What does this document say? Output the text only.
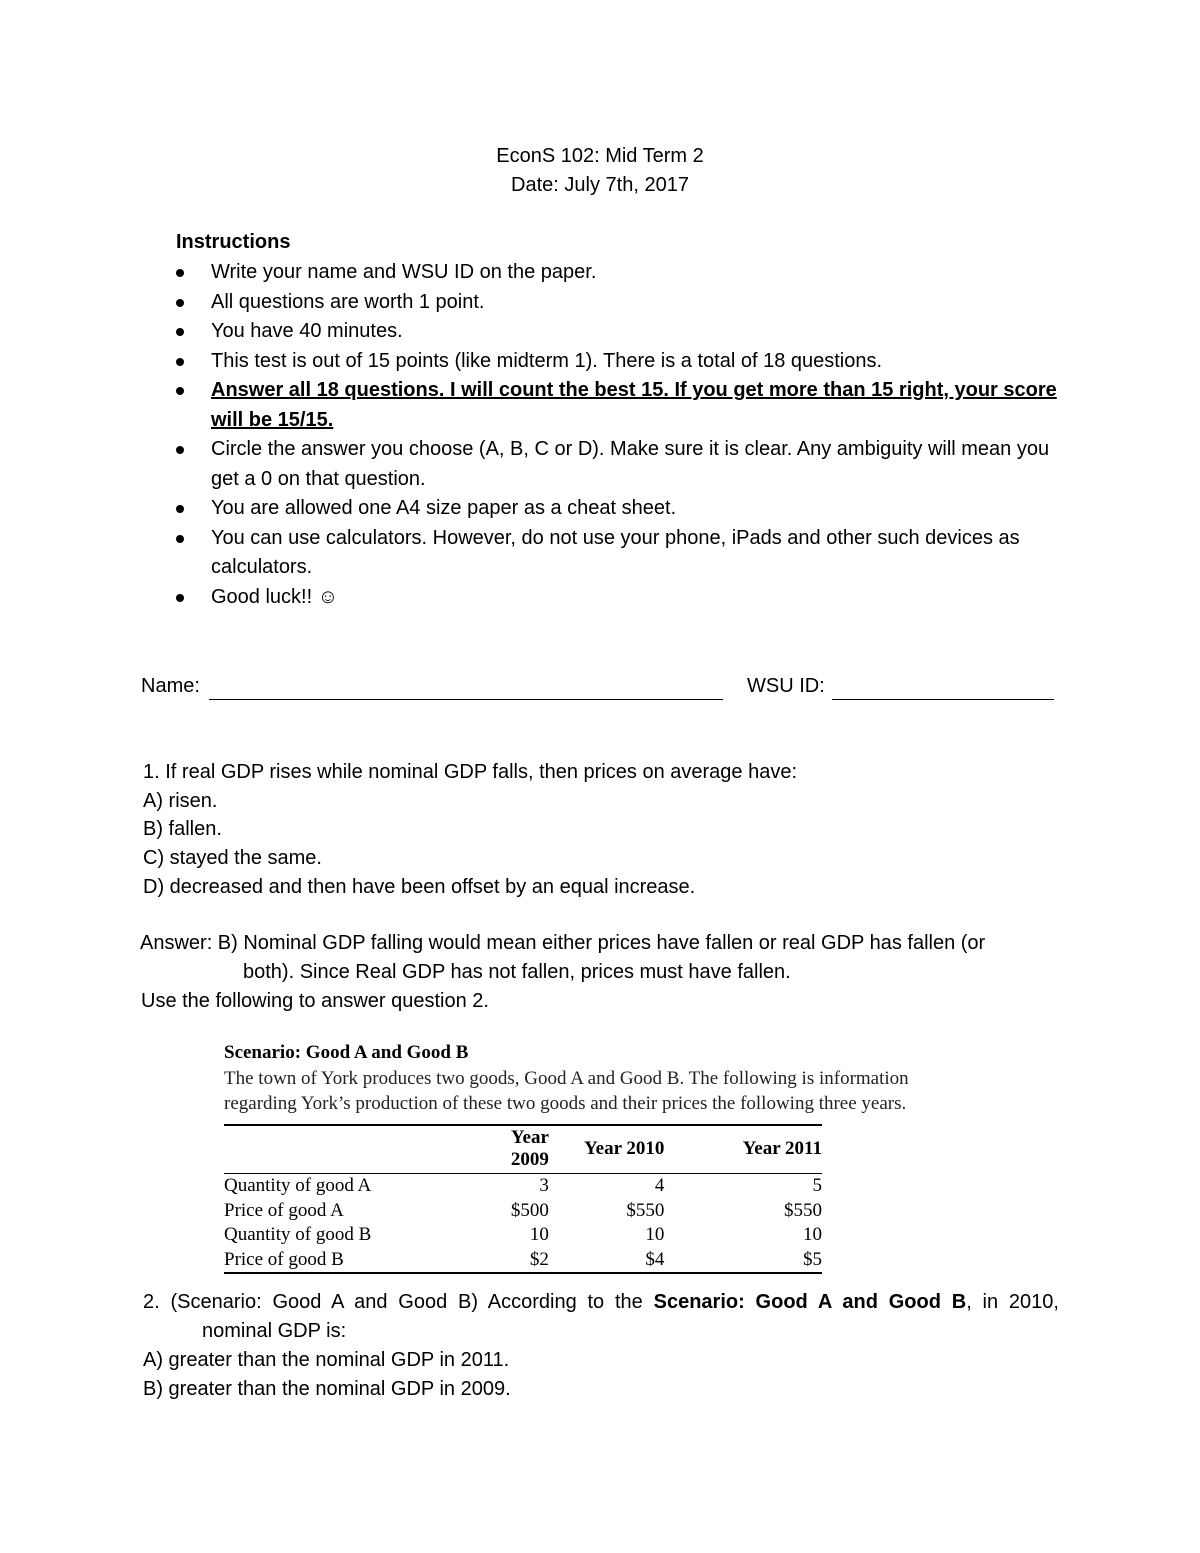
EconS 102: Mid Term 2
Date: July 7th, 2017
Instructions
Write your name and WSU ID on the paper.
All questions are worth 1 point.
You have 40 minutes.
This test is out of 15 points (like midterm 1). There is a total of 18 questions.
Answer all 18 questions. I will count the best 15. If you get more than 15 right, your score will be 15/15.
Circle the answer you choose (A, B, C or D). Make sure it is clear. Any ambiguity will mean you get a 0 on that question.
You are allowed one A4 size paper as a cheat sheet.
You can use calculators. However, do not use your phone, iPads and other such devices as calculators.
Good luck!! ☺
Name:	WSU ID:
1. If real GDP rises while nominal GDP falls, then prices on average have:
A) risen.
B) fallen.
C) stayed the same.
D) decreased and then have been offset by an equal increase.
Answer: B) Nominal GDP falling would mean either prices have fallen or real GDP has fallen (or
both). Since Real GDP has not fallen, prices must have fallen.
Use the following to answer question 2.
Scenario: Good A and Good B
The town of York produces two goods, Good A and Good B. The following is information
regarding York’s production of these two goods and their prices the following three years.
	Year 2009	Year 2010	Year 2011
Quantity of good A	3	4	5
Price of good A	$500	$550	$550
Quantity of good B	10	10	10
Price of good B	$2	$4	$5
2. (Scenario: Good A and Good B) According to the Scenario: Good A and Good B, in 2010,
nominal GDP is:
A) greater than the nominal GDP in 2011.
B) greater than the nominal GDP in 2009.
